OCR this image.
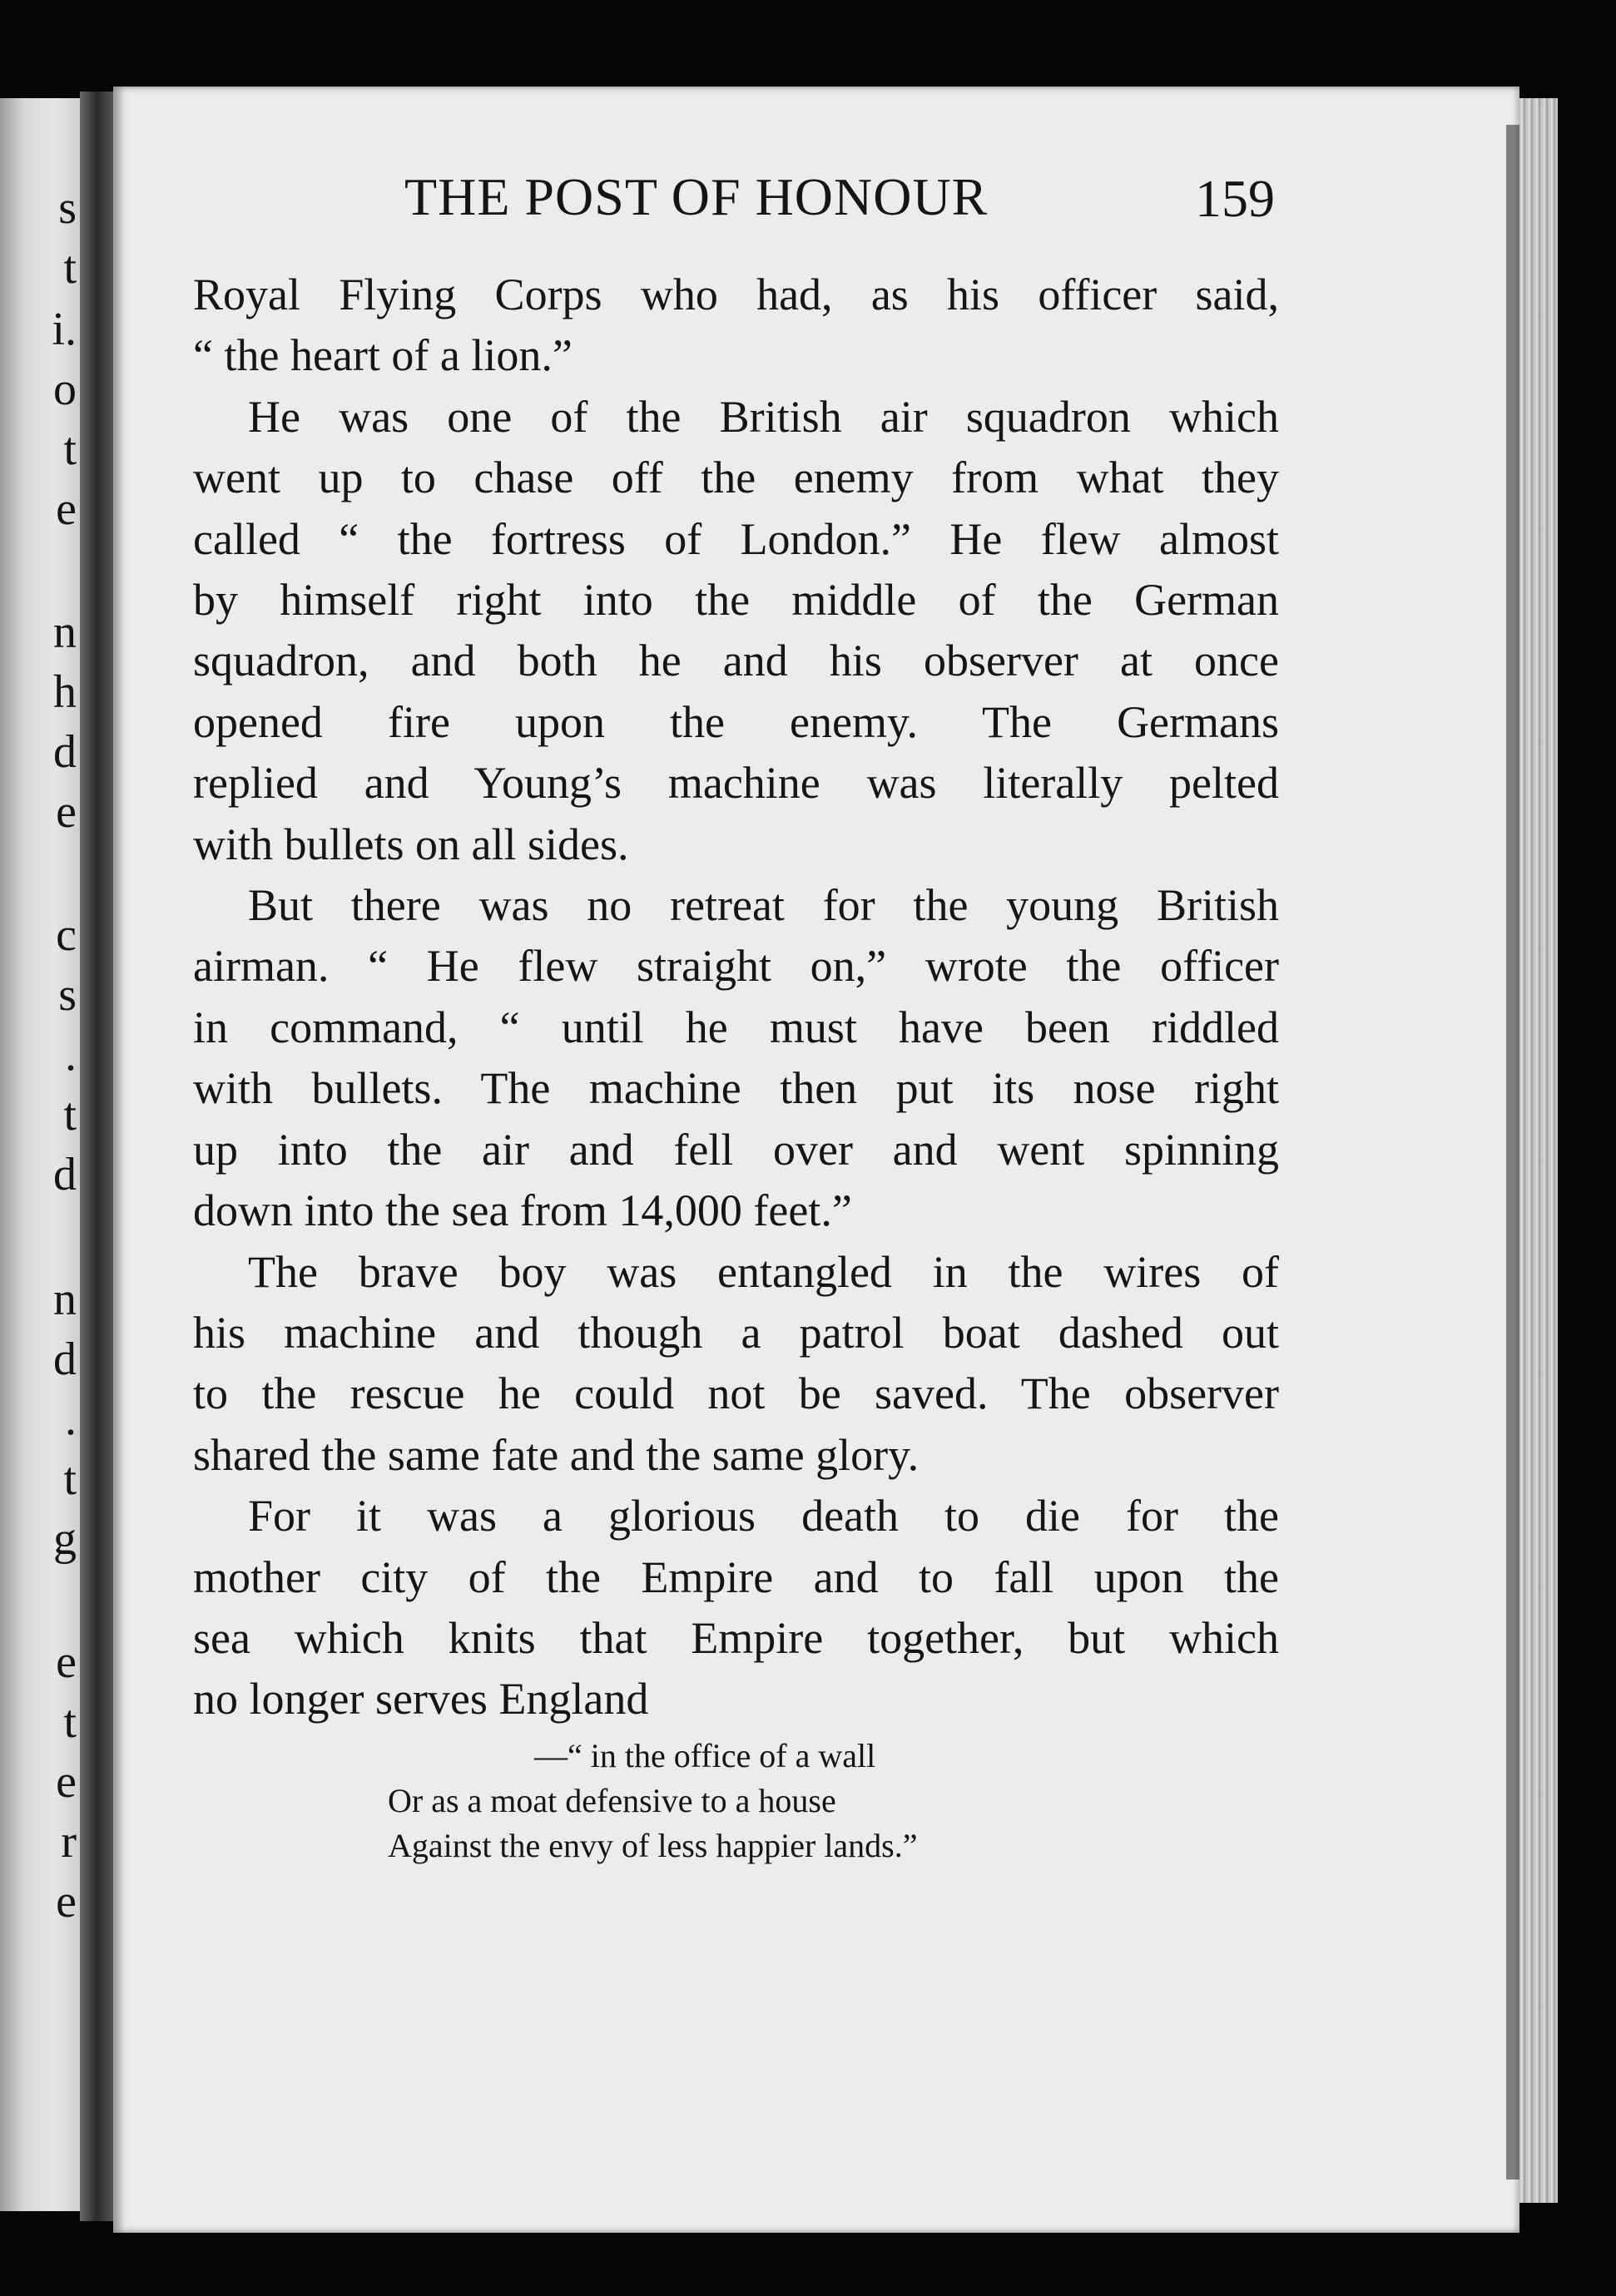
s
t
i.
o
t
e
n
h
d
e
c
s
.
t
d
n
d
.
t
g
e
t
e
r
e
THE POST OF HONOUR	159
Royal Flying Corps who had, as his officer said,
“ the heart of a lion.”
He was one of the British air squadron which
went up to chase off the enemy from what they
called “ the fortress of London.” He flew almost
by himself right into the middle of the German
squadron, and both he and his observer at once
opened fire upon the enemy. The Germans
replied and Young’s machine was literally pelted
with bullets on all sides.
But there was no retreat for the young British
airman. “ He flew straight on,” wrote the officer
in command, “ until he must have been riddled
with bullets. The machine then put its nose right
up into the air and fell over and went spinning
down into the sea from 14,000 feet.”
The brave boy was entangled in the wires of
his machine and though a patrol boat dashed out
to the rescue he could not be saved. The observer
shared the same fate and the same glory.
For it was a glorious death to die for the
mother city of the Empire and to fall upon the
sea which knits that Empire together, but which
no longer serves England
—“ in the office of a wall
Or as a moat defensive to a house
Against the envy of less happier lands.”
